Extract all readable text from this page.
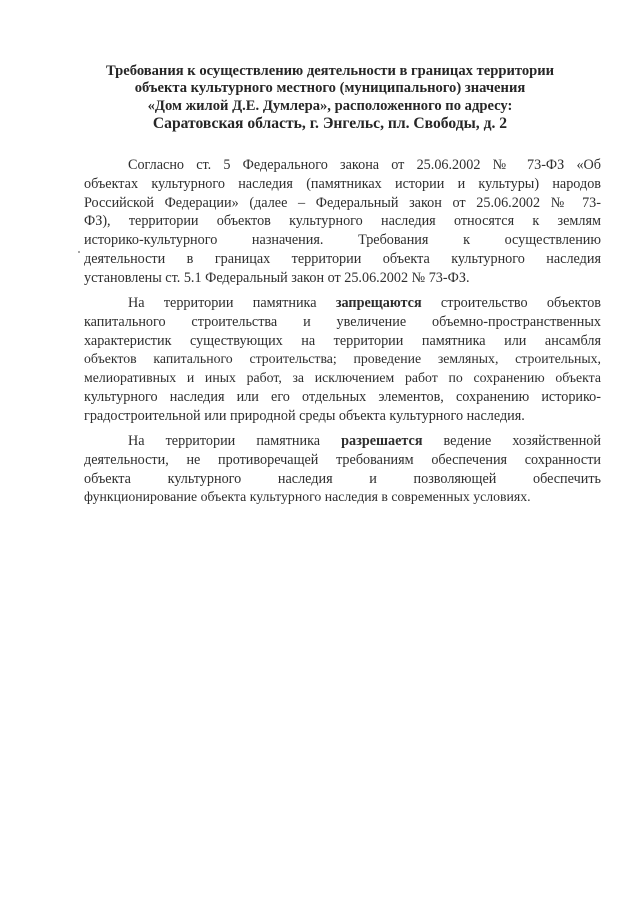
Требования к осуществлению деятельности в границах территории
объекта культурного местного (муниципального) значения
«Дом жилой Д.Е. Думлера», расположенного по адресу:
Саратовская область, г. Энгельс, пл. Свободы, д. 2
Согласно ст. 5 Федерального закона от 25.06.2002 № 73-ФЗ «Об
объектах культурного наследия (памятниках истории и культуры) народов
Российской Федерации» (далее – Федеральный закон от 25.06.2002 № 73-
ФЗ), территории объектов культурного наследия относятся к землям
историко-культурного назначения. Требования к осуществлению
деятельности в границах территории объекта культурного наследия
установлены ст. 5.1 Федеральный закон от 25.06.2002 № 73-ФЗ.
На территории памятника запрещаются строительство объектов
капитального строительства и увеличение объемно-пространственных
характеристик существующих на территории памятника или ансамбля
объектов капитального строительства; проведение земляных, строительных,
мелиоративных и иных работ, за исключением работ по сохранению объекта
культурного наследия или его отдельных элементов, сохранению историко-
градостроительной или природной среды объекта культурного наследия.
На территории памятника разрешается ведение хозяйственной
деятельности, не противоречащей требованиям обеспечения сохранности
объекта культурного наследия и позволяющей обеспечить
функционирование объекта культурного наследия в современных условиях.
